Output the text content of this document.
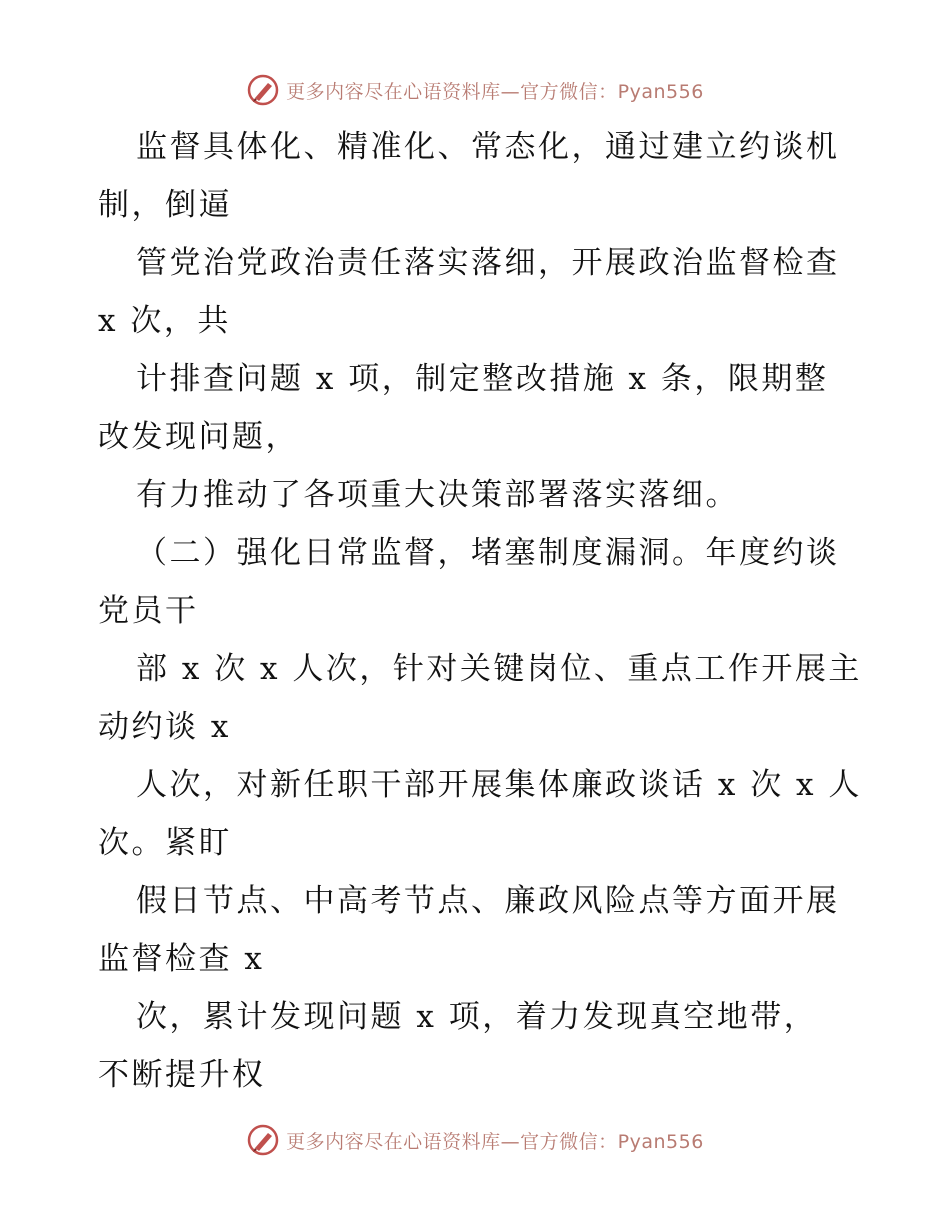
更多内容尽在心语资料库—官方微信：Pyan556
监督具体化、精准化、常态化，通过建立约谈机
制，倒逼
管党治党政治责任落实落细，开展政治监督检查
x 次，共
计排查问题 x 项，制定整改措施 x 条，限期整
改发现问题，
有力推动了各项重大决策部署落实落细。
（二）强化日常监督，堵塞制度漏洞。年度约谈
党员干
部 x 次 x 人次，针对关键岗位、重点工作开展主
动约谈 x
人次，对新任职干部开展集体廉政谈话 x 次 x 人
次。紧盯
假日节点、中高考节点、廉政风险点等方面开展
监督检查 x
次，累计发现问题 x 项，着力发现真空地带，
不断提升权
更多内容尽在心语资料库—官方微信：Pyan556
